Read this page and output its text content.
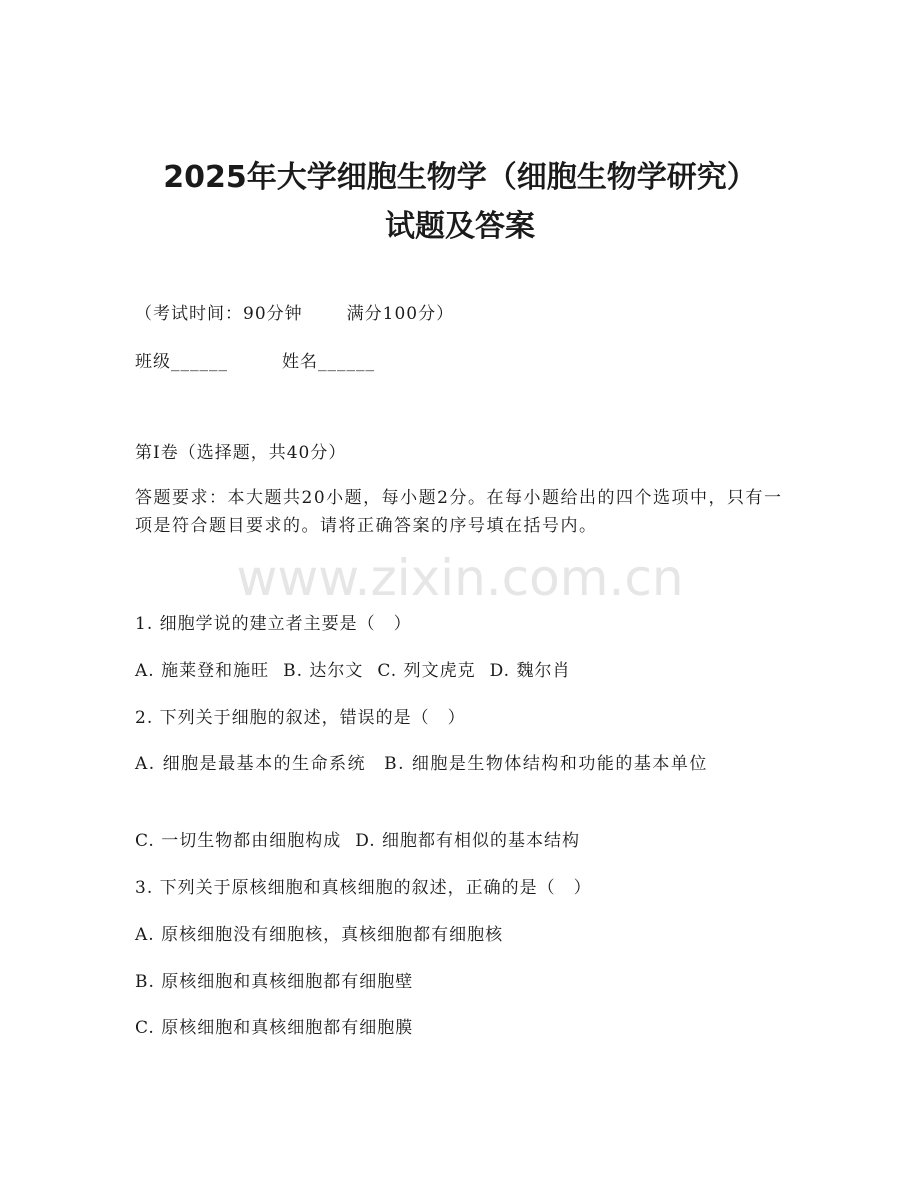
2025年大学细胞生物学（细胞生物学研究）
试题及答案
（考试时间：90分钟	满分100分）
班级______	姓名______
第I卷（选择题，共40分）
答题要求：本大题共20小题，每小题2分。在每小题给出的四个选项中，只有一项是符合题目要求的。请将正确答案的序号填在括号内。
www.zixin.com.cn
1. 细胞学说的建立者主要是（　）
A. 施莱登和施旺 B. 达尔文 C. 列文虎克 D. 魏尔肖
2. 下列关于细胞的叙述，错误的是（　）
A. 细胞是最基本的生命系统 B. 细胞是生物体结构和功能的基本单位
C. 一切生物都由细胞构成 D. 细胞都有相似的基本结构
3. 下列关于原核细胞和真核细胞的叙述，正确的是（　）
A. 原核细胞没有细胞核，真核细胞都有细胞核
B. 原核细胞和真核细胞都有细胞壁
C. 原核细胞和真核细胞都有细胞膜
